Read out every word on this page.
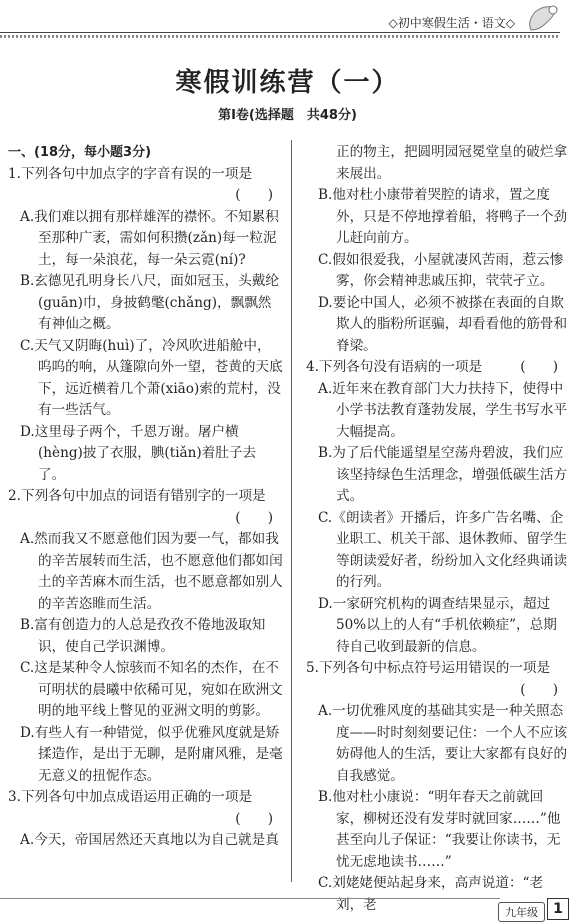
◇初中寒假生活・语文◇
寒假训练营（一）
第Ⅰ卷(选择题　共48分)
一、(18分，每小题3分)
1.下列各句中加点字的字音有误的一项是
(　　)
A.我们难以拥有那样雄浑的襟怀。不知累积至那种广袤，需如何积攒(zǎn)每一粒泥土，每一朵浪花，每一朵云霓(ní)?
B.玄德见孔明身长八尺，面如冠玉，头戴纶(guān)巾，身披鹤氅(chǎng)，飘飘然有神仙之概。
C.天气又阴晦(huì)了，冷风吹进船舱中，呜呜的响，从篷隙向外一望，苍黄的天底下，远近横着几个萧(xiāo)索的荒村，没有一些活气。
D.这里母子两个，千恩万谢。屠户横(hèng)披了衣服，腆(tiǎn)着肚子去了。
2.下列各句中加点的词语有错别字的一项是
(　　)
A.然而我又不愿意他们因为要一气，都如我的辛苦展转而生活，也不愿意他们都如闰土的辛苦麻木而生活，也不愿意都如别人的辛苦恣睢而生活。
B.富有创造力的人总是孜孜不倦地汲取知识，使自己学识渊博。
C.这是某种令人惊骇而不知名的杰作，在不可明状的晨曦中依稀可见，宛如在欧洲文明的地平线上瞥见的亚洲文明的剪影。
D.有些人有一种错觉，似乎优雅风度就是矫揉造作，是出于无聊，是附庸风雅，是毫无意义的扭怩作态。
3.下列各句中加点成语运用正确的一项是
(　　)
A.今天，帝国居然还天真地以为自己就是真
正的物主，把圆明园冠冕堂皇的破烂拿来展出。
B.他对杜小康带着哭腔的请求，置之度外，只是不停地撑着船，将鸭子一个劲儿赶向前方。
C.假如很爱我，小屋就凄风苦雨，惹云惨雾，你会精神悲戚压抑，茕茕孑立。
D.要论中国人，必须不被搽在表面的自欺欺人的脂粉所诓骗，却看看他的筋骨和脊梁。
4.下列各句没有语病的一项是	(　　)
A.近年来在教育部门大力扶持下，使得中小学书法教育蓬勃发展，学生书写水平大幅提高。
B.为了后代能遥望星空荡舟碧波，我们应该坚持绿色生活理念，增强低碳生活方式。
C.《朗读者》开播后，许多广告名嘴、企业职工、机关干部、退休教师、留学生等朗读爱好者，纷纷加入文化经典诵读的行列。
D.一家研究机构的调查结果显示，超过50%以上的人有“手机依赖症”，总期待自己收到最新的信息。
5.下列各句中标点符号运用错误的一项是
(　　)
A.一切优雅风度的基础其实是一种关照态度——时时刻刻要记住：一个人不应该妨碍他人的生活，要让大家都有良好的自我感觉。
B.他对杜小康说：“明年春天之前就回家，柳树还没有发芽时就回家……”他甚至向儿子保证：“我要让你读书，无忧无虑地读书……”
C.刘姥姥便站起身来，高声说道：“老刘，老	九年级	1
